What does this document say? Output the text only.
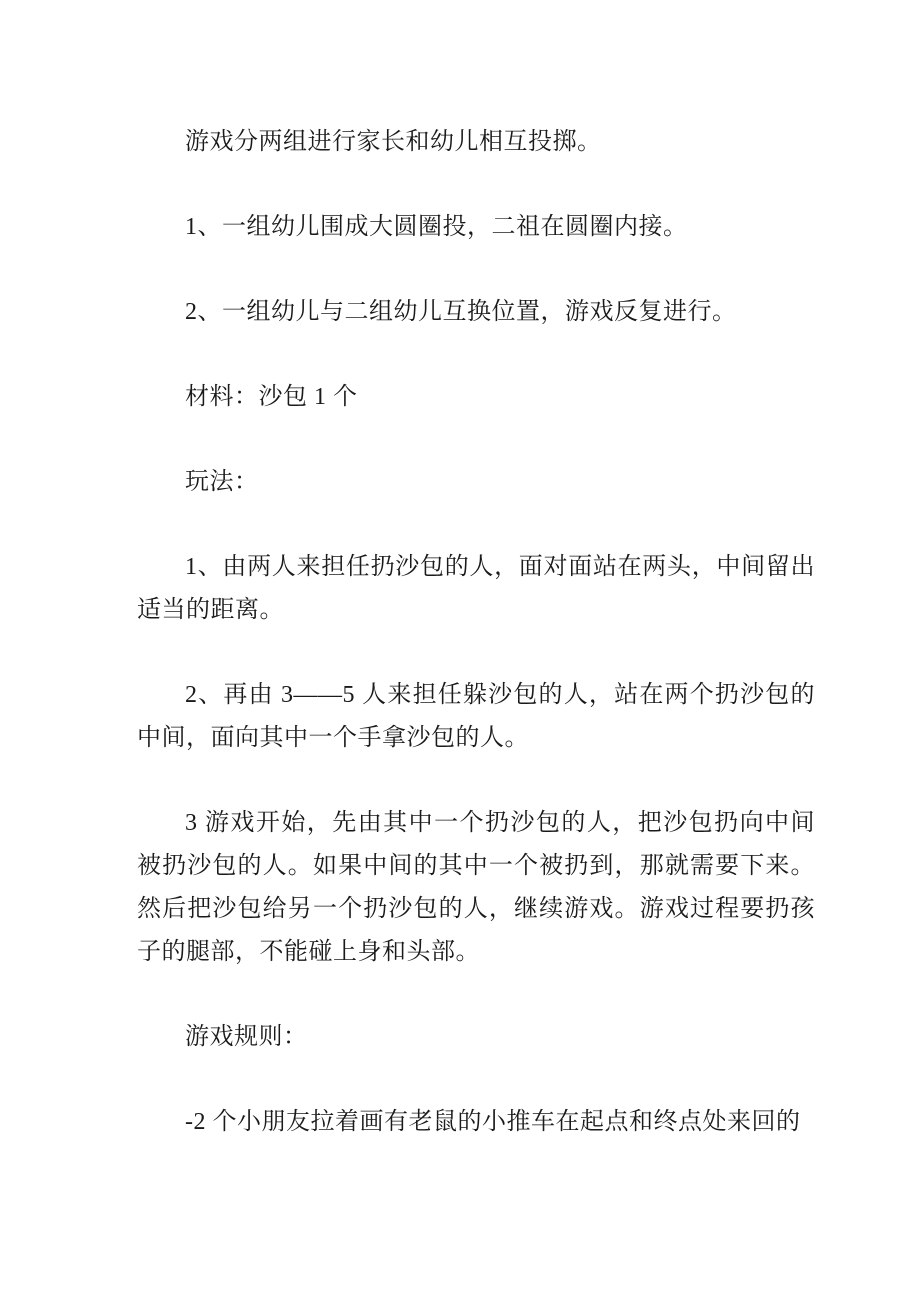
游戏分两组进行家长和幼儿相互投掷。

1、一组幼儿围成大圆圈投，二祖在圆圈内接。

2、一组幼儿与二组幼儿互换位置，游戏反复进行。

材料：沙包 1 个

玩法：

1、由两人来担任扔沙包的人，面对面站在两头，中间留出适当的距离。

2、再由 3——5 人来担任躲沙包的人，站在两个扔沙包的中间，面向其中一个手拿沙包的人。

3 游戏开始，先由其中一个扔沙包的人，把沙包扔向中间被扔沙包的人。如果中间的其中一个被扔到，那就需要下来。然后把沙包给另一个扔沙包的人，继续游戏。游戏过程要扔孩子的腿部，不能碰上身和头部。

游戏规则：

-2 个小朋友拉着画有老鼠的小推车在起点和终点处来回的
